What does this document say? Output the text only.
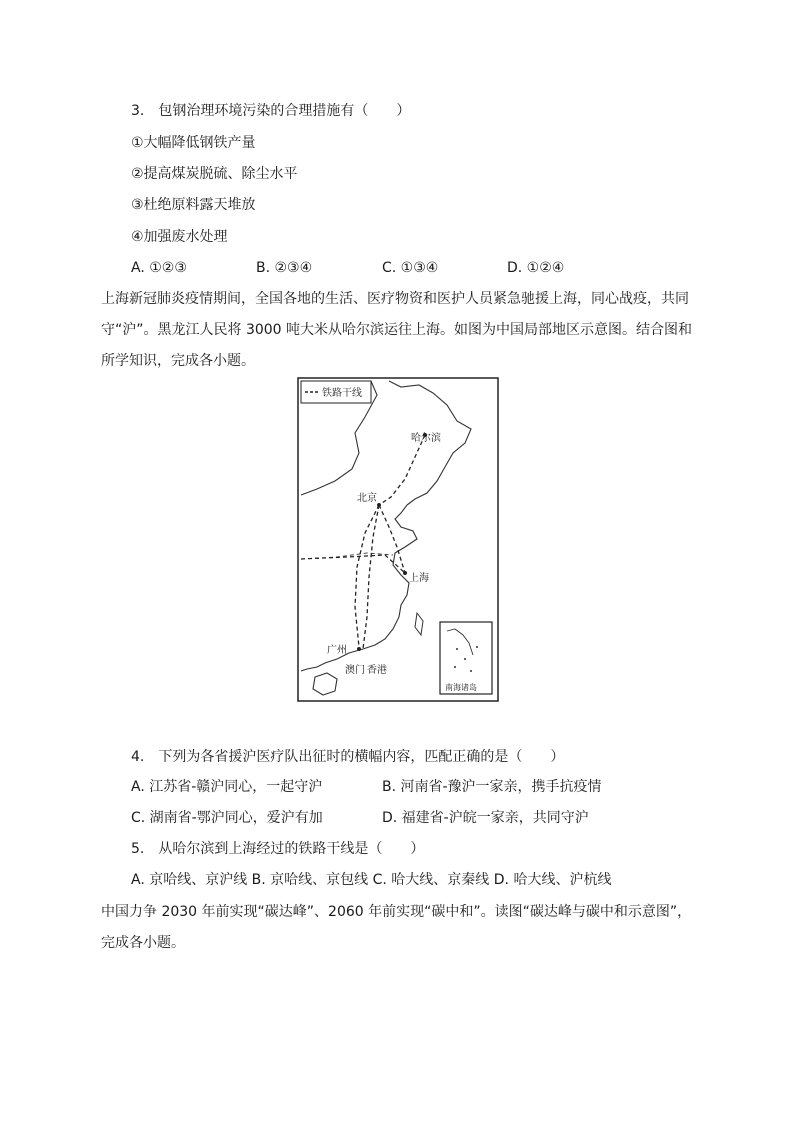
3.　包钢治理环境污染的合理措施有（　　）
①大幅降低钢铁产量
②提高煤炭脱硫、除尘水平
③杜绝原料露天堆放
④加强废水处理
A. ①②③	B. ②③④	C. ①③④	D. ①②④
上海新冠肺炎疫情期间，全国各地的生活、医疗物资和医护人员紧急驰援上海，同心战疫，共同
守“沪”。黑龙江人民将 3000 吨大米从哈尔滨运往上海。如图为中国局部地区示意图。结合图和
所学知识，完成各小题。
铁路干线
哈尔滨
北京
上海
广州
澳门 香港
南海诸岛
4.　下列为各省援沪医疗队出征时的横幅内容，匹配正确的是（　　）
A. 江苏省-赣沪同心，一起守沪	B. 河南省-豫沪一家亲，携手抗疫情
C. 湖南省-鄂沪同心，爱沪有加	D. 福建省-沪皖一家亲，共同守沪
5.　从哈尔滨到上海经过的铁路干线是（　　）
A. 京哈线、京沪线 B. 京哈线、京包线 C. 哈大线、京秦线 D. 哈大线、沪杭线
中国力争 2030 年前实现“碳达峰”、2060 年前实现“碳中和”。读图“碳达峰与碳中和示意图”，
完成各小题。
